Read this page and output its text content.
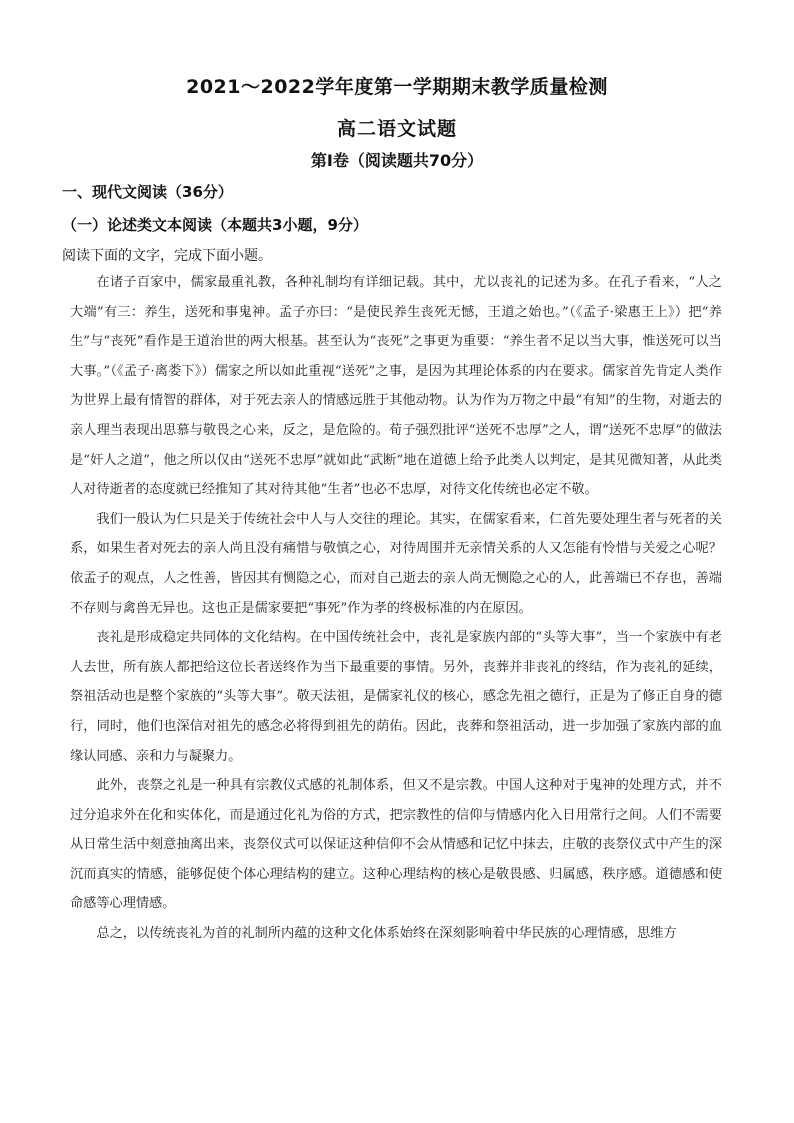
2021～2022学年度第一学期期末教学质量检测
高二语文试题
第Ⅰ卷（阅读题共70分）
一、现代文阅读（36分）
（一）论述类文本阅读（本题共3小题，9分）
阅读下面的文字，完成下面小题。

在诸子百家中，儒家最重礼教，各种礼制均有详细记载。其中，尤以丧礼的记述为多。在孔子看来，“人之大端”有三：养生，送死和事鬼神。孟子亦曰：“是使民养生丧死无憾，王道之始也。”（《孟子·梁惠王上》）把“养生”与“丧死”看作是王道治世的两大根基。甚至认为“丧死”之事更为重要：“养生者不足以当大事，惟送死可以当大事。”（《孟子·离娄下》）儒家之所以如此重视“送死”之事，是因为其理论体系的内在要求。儒家首先肯定人类作为世界上最有情智的群体，对于死去亲人的情感远胜于其他动物。认为作为万物之中最“有知”的生物，对逝去的亲人理当表现出思慕与敬畏之心来，反之，是危险的。荀子强烈批评“送死不忠厚”之人，谓“送死不忠厚”的做法是“奸人之道”，他之所以仅由“送死不忠厚”就如此“武断”地在道德上给予此类人以判定，是其见微知著，从此类人对待逝者的态度就已经推知了其对待其他“生者”也必不忠厚，对待文化传统也必定不敬。

我们一般认为仁只是关于传统社会中人与人交往的理论。其实，在儒家看来，仁首先要处理生者与死者的关系，如果生者对死去的亲人尚且没有痛惜与敬慎之心，对待周围并无亲情关系的人又怎能有怜惜与关爱之心呢？依孟子的观点，人之性善，皆因其有恻隐之心，而对自己逝去的亲人尚无恻隐之心的人，此善端已不存也，善端不存则与禽兽无异也。这也正是儒家要把“事死”作为孝的终极标准的内在原因。

丧礼是形成稳定共同体的文化结构。在中国传统社会中，丧礼是家族内部的“头等大事”，当一个家族中有老人去世，所有族人都把给这位长者送终作为当下最重要的事情。另外，丧葬并非丧礼的终结，作为丧礼的延续，祭祖活动也是整个家族的“头等大事”。敬天法祖，是儒家礼仪的核心，感念先祖之德行，正是为了修正自身的德行，同时，他们也深信对祖先的感念必将得到祖先的荫佑。因此，丧葬和祭祖活动，进一步加强了家族内部的血缘认同感、亲和力与凝聚力。

此外，丧祭之礼是一种具有宗教仪式感的礼制体系，但又不是宗教。中国人这种对于鬼神的处理方式，并不过分追求外在化和实体化，而是通过化礼为俗的方式，把宗教性的信仰与情感内化入日用常行之间。人们不需要从日常生活中刻意抽离出来，丧祭仪式可以保证这种信仰不会从情感和记忆中抹去，庄敬的丧祭仪式中产生的深沉而真实的情感，能够促使个体心理结构的建立。这种心理结构的核心是敬畏感、归属感，秩序感。道德感和使命感等心理情感。

总之，以传统丧礼为首的礼制所内蕴的这种文化体系始终在深刻影响着中华民族的心理情感，思维方
